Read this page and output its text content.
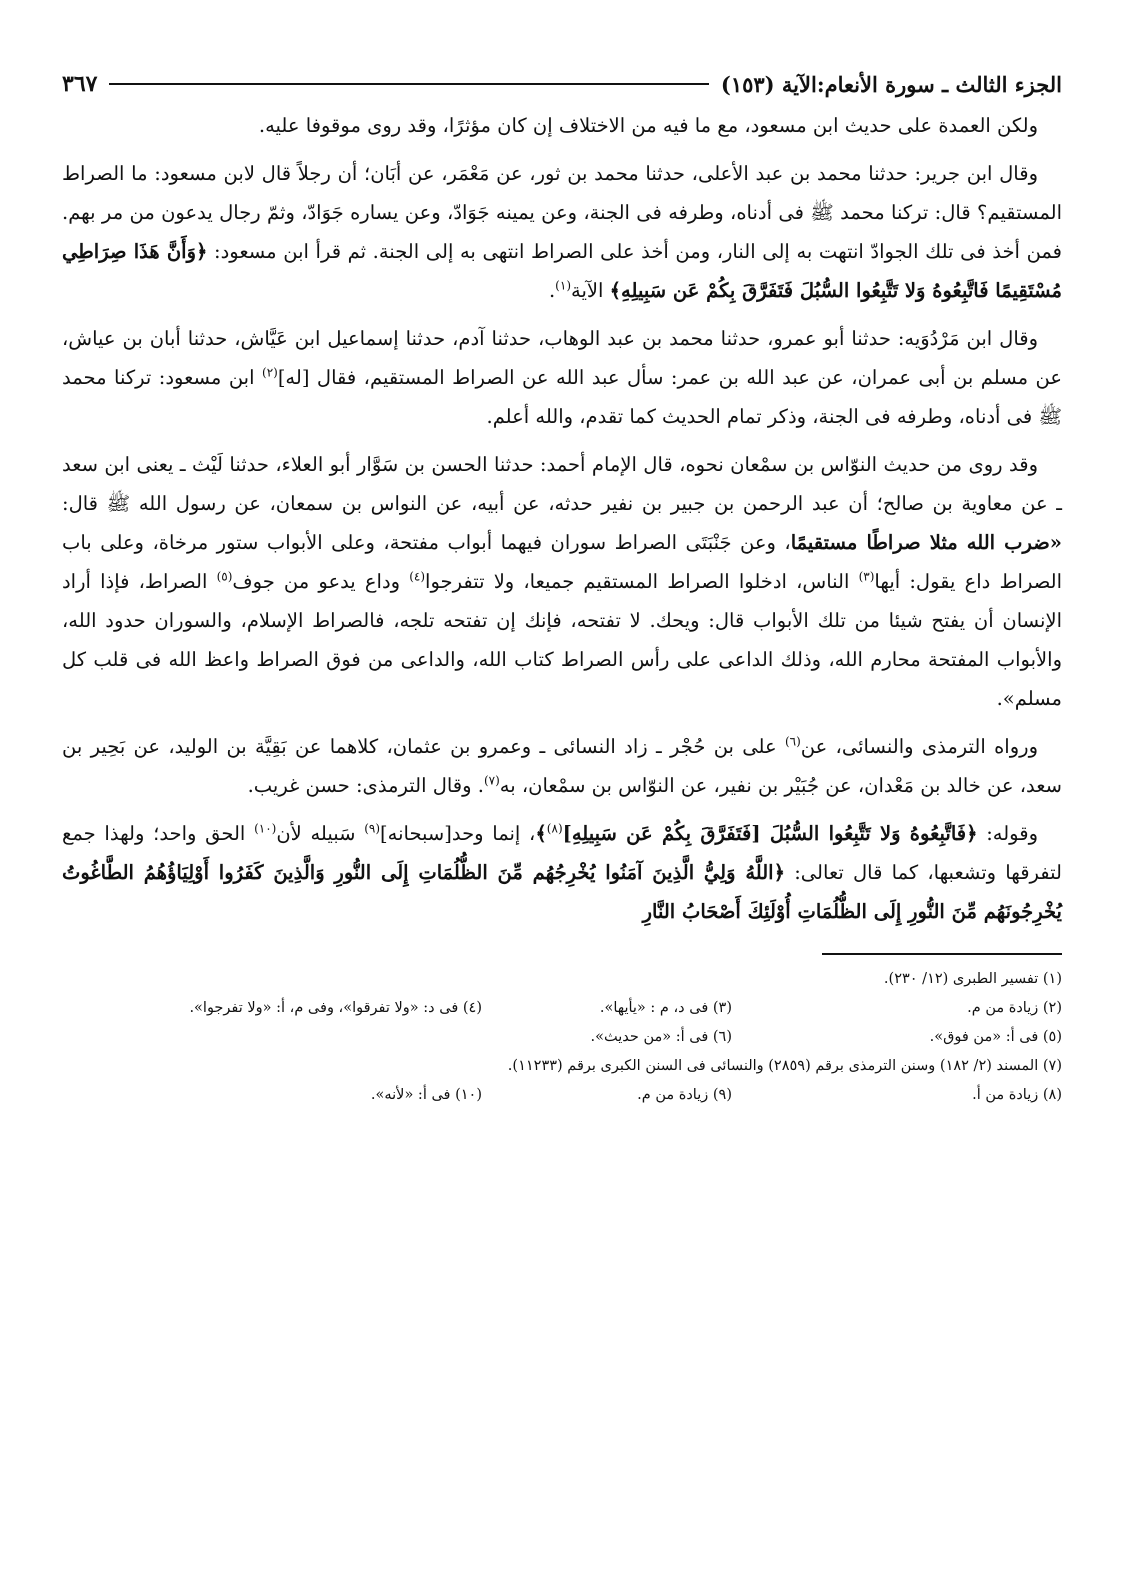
الجزء الثالث ـ سورة الأنعام:الآية (١٥٣)
٣٦٧

ولكن العمدة على حديث ابن مسعود، مع ما فيه من الاختلاف إن كان مؤثرًا، وقد روى موقوفا عليه.

وقال ابن جرير: حدثنا محمد بن عبد الأعلى، حدثنا محمد بن ثور، عن مَعْمَر، عن أبَان؛ أن رجلاً قال لابن مسعود: ما الصراط المستقيم؟ قال: تركنا محمد ﷺ فى أدناه، وطرفه فى الجنة، وعن يمينه جَوَادّ، وعن يساره جَوَادّ، وثمّ رجال يدعون من مر بهم. فمن أخذ فى تلك الجوادّ انتهت به إلى النار، ومن أخذ على الصراط انتهى به إلى الجنة. ثم قرأ ابن مسعود: ﴿وَأَنَّ هَذَا صِرَاطِي مُسْتَقِيمًا فَاتَّبِعُوهُ وَلا تَتَّبِعُوا السُّبُلَ فَتَفَرَّقَ بِكُمْ عَن سَبِيلِهِ﴾ الآية$^{(١)}$.

وقال ابن مَرْدُوَيه: حدثنا أبو عمرو، حدثنا محمد بن عبد الوهاب، حدثنا آدم، حدثنا إسماعيل ابن عَيَّاش، حدثنا أبان بن عياش، عن مسلم بن أبى عمران، عن عبد الله بن عمر: سأل عبد الله عن الصراط المستقيم، فقال [له]$^{(٢)}$ ابن مسعود: تركنا محمد ﷺ فى أدناه، وطرفه فى الجنة، وذكر تمام الحديث كما تقدم، والله أعلم.

وقد روى من حديث النوّاس بن سمْعان نحوه، قال الإمام أحمد: حدثنا الحسن بن سَوَّار أبو العلاء، حدثنا لَيْث ـ يعنى ابن سعد ـ عن معاوية بن صالح؛ أن عبد الرحمن بن جبير بن نفير حدثه، عن أبيه، عن النواس بن سمعان، عن رسول الله ﷺ قال: «ضرب الله مثلا صراطًا مستقيمًا، وعن جَنْبَتَى الصراط سوران فيهما أبواب مفتحة، وعلى الأبواب ستور مرخاة، وعلى باب الصراط داع يقول: أيها$^{(٣)}$ الناس، ادخلوا الصراط المستقيم جميعا، ولا تتفرجوا$^{(٤)}$ وداع يدعو من جوف$^{(٥)}$ الصراط، فإذا أراد الإنسان أن يفتح شيئا من تلك الأبواب قال: ويحك. لا تفتحه، فإنك إن تفتحه تلجه، فالصراط الإسلام، والسوران حدود الله، والأبواب المفتحة محارم الله، وذلك الداعى على رأس الصراط كتاب الله، والداعى من فوق الصراط واعظ الله فى قلب كل مسلم».

ورواه الترمذى والنسائى، عن$^{(٦)}$ على بن حُجْر ـ زاد النسائى ـ وعمرو بن عثمان، كلاهما عن بَقِيَّة بن الوليد، عن بَحِير بن سعد، عن خالد بن مَعْدان، عن جُبَيْر بن نفير، عن النوّاس بن سمْعان، به$^{(٧)}$. وقال الترمذى: حسن غريب.

وقوله: ﴿فَاتَّبِعُوهُ وَلا تَتَّبِعُوا السُّبُلَ [فَتَفَرَّقَ بِكُمْ عَن سَبِيلِهِ]$^{(٨)}$﴾، إنما وحد[سبحانه]$^{(٩)}$ سَبيله لأن$^{(١٠)}$ الحق واحد؛ ولهذا جمع لتفرقها وتشعبها، كما قال تعالى: ﴿اللَّهُ وَلِيُّ الَّذِينَ آمَنُوا يُخْرِجُهُم مِّنَ الظُّلُمَاتِ إِلَى النُّورِ وَالَّذِينَ كَفَرُوا أَوْلِيَاؤُهُمُ الطَّاغُوتُ يُخْرِجُونَهُم مِّنَ النُّورِ إِلَى الظُّلُمَاتِ أُوْلَئِكَ أَصْحَابُ النَّارِ

(١) تفسير الطبرى (١٢/ ٢٣٠).
(٢) زيادة من م.
(٣) فى د، م : «يأيها».
(٤) فى د: «ولا تفرقوا»، وفى م، أ: «ولا تفرجوا».
(٥) فى أ: «من فوق».
(٦) فى أ: «من حديث».
(٧) المسند (٢/ ١٨٢) وسنن الترمذى برقم (٢٨٥٩) والنسائى فى السنن الكبرى برقم (١١٢٣٣).
(٨) زيادة من أ.
(٩) زيادة من م.
(١٠) فى أ: «لأنه».
